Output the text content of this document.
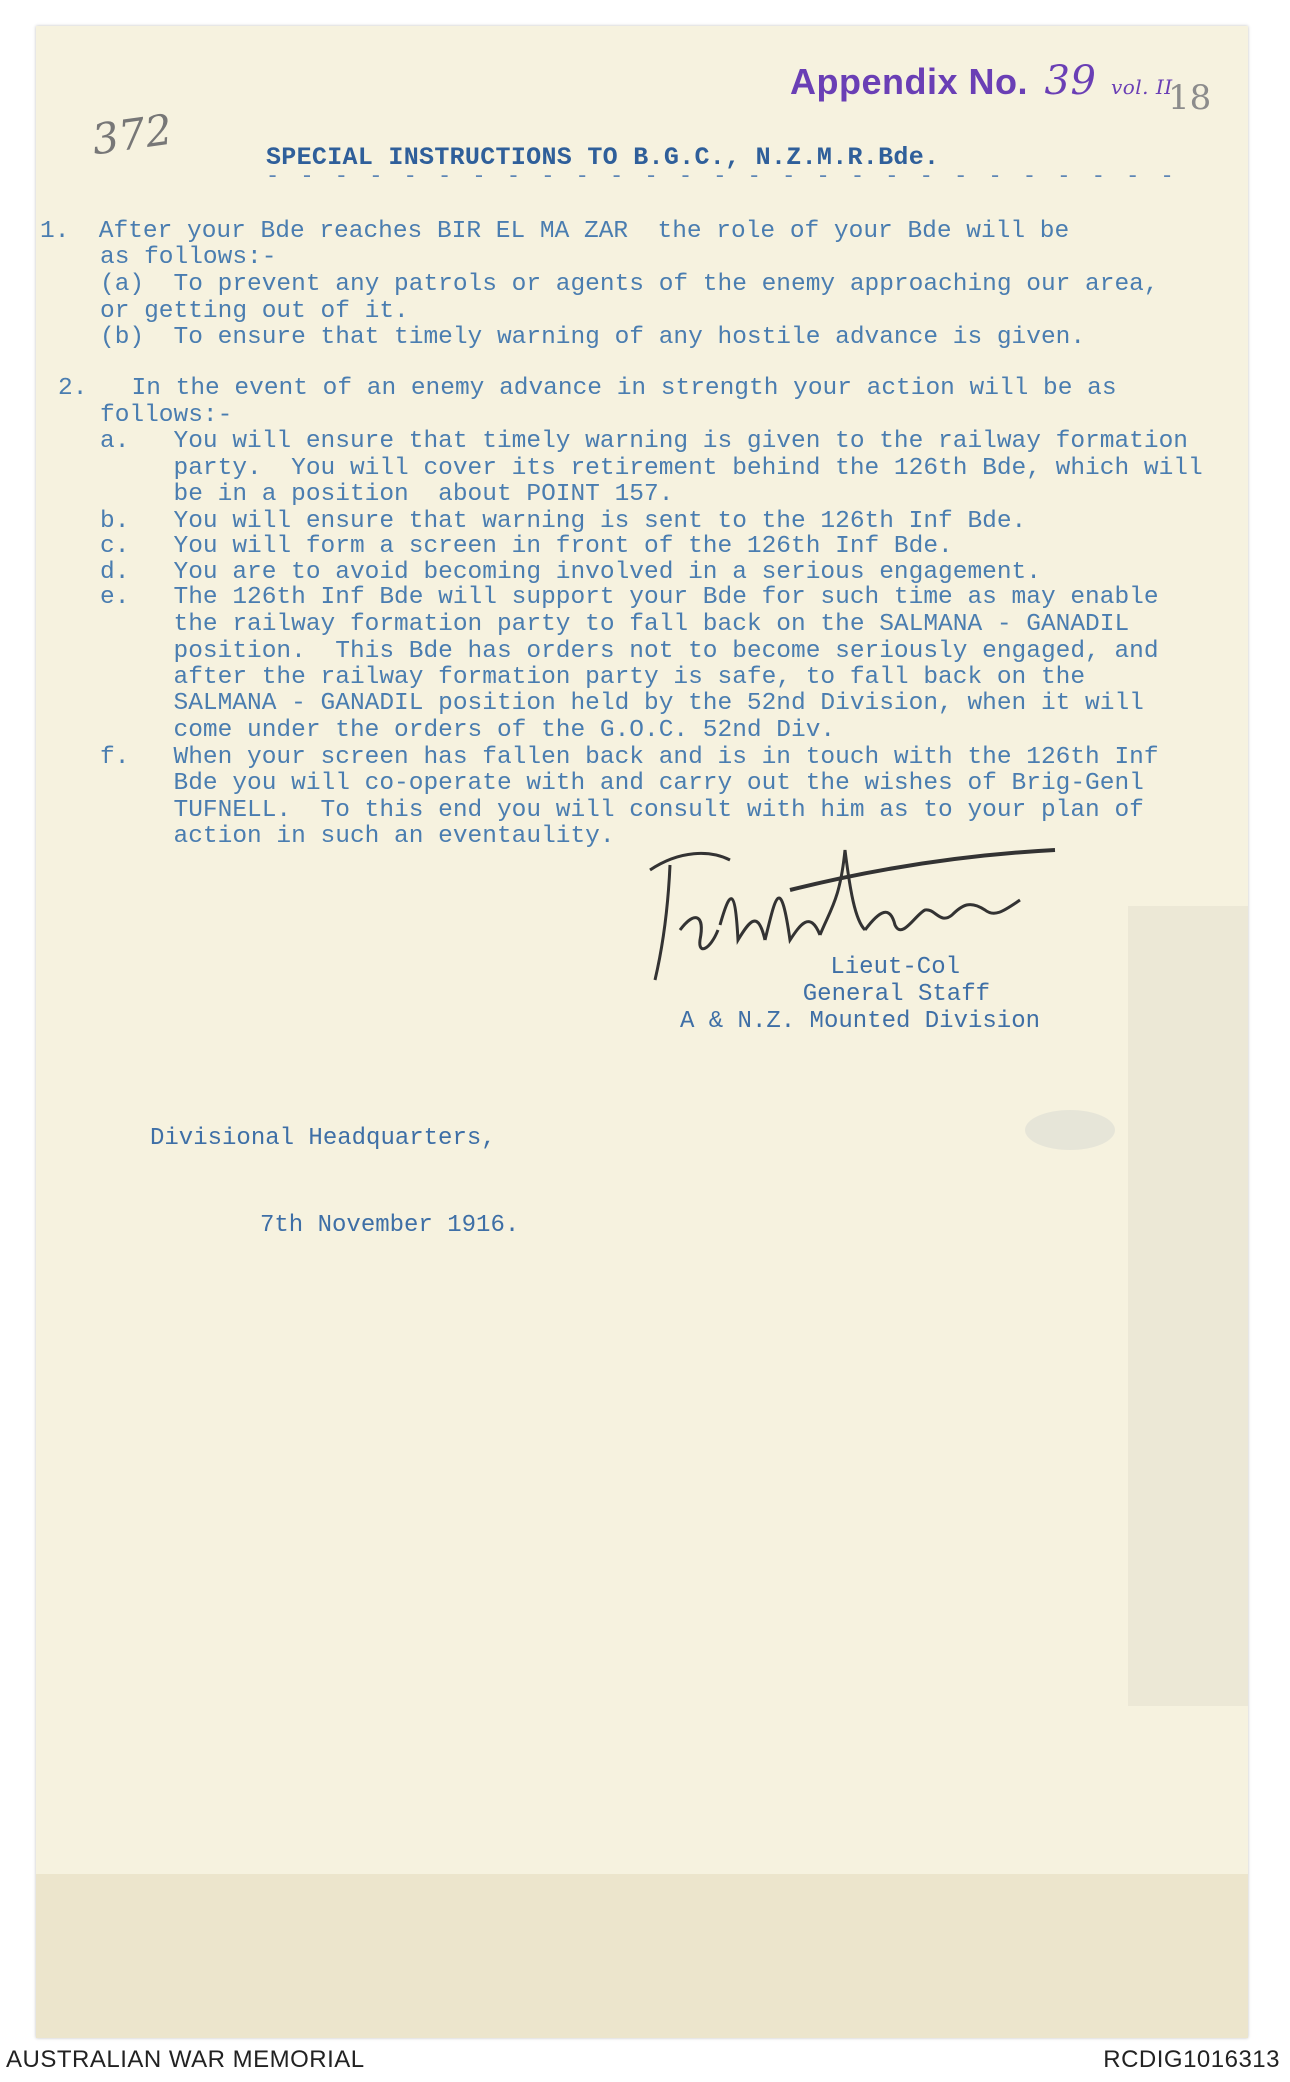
Appendix No. 39 vol. II
18
372	SPECIAL INSTRUCTIONS TO B.G.C., N.Z.M.R.Bde.
- - - - - - - - - - - - - - - - - - - - - - - - - - -
1.  After your Bde reaches BIR EL MA ZAR  the role of your Bde will be
as follows:-
(a)  To prevent any patrols or agents of the enemy approaching our area,
or getting out of it.
(b)  To ensure that timely warning of any hostile advance is given.
2.   In the event of an enemy advance in strength your action will be as
follows:-
a.   You will ensure that timely warning is given to the railway formation
party.  You will cover its retirement behind the 126th Bde, which will
be in a position  about POINT 157.
b.   You will ensure that warning is sent to the 126th Inf Bde.
c.   You will form a screen in front of the 126th Inf Bde.
d.   You are to avoid becoming involved in a serious engagement.
e.   The 126th Inf Bde will support your Bde for such time as may enable
the railway formation party to fall back on the SALMANA - GANADIL
position.  This Bde has orders not to become seriously engaged, and
after the railway formation party is safe, to fall back on the
SALMANA - GANADIL position held by the 52nd Division, when it will
come under the orders of the G.O.C. 52nd Div.
f.   When your screen has fallen back and is in touch with the 126th Inf
Bde you will co-operate with and carry out the wishes of Brig-Genl
TUFNELL.  To this end you will consult with him as to your plan of
action in such an eventaulity.
Lieut-Col
General Staff
A & N.Z. Mounted Division

Divisional Headquarters,

7th November 1916.

AUSTRALIAN WAR MEMORIAL	RCDIG1016313
